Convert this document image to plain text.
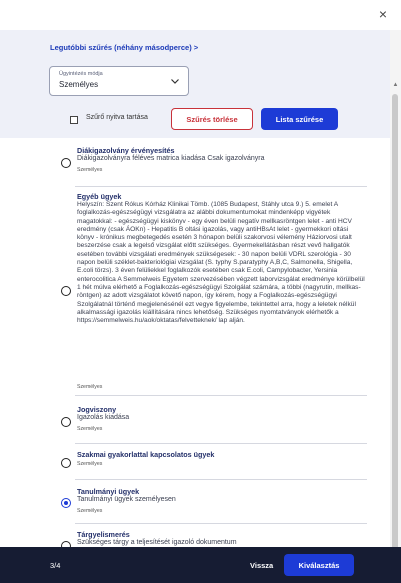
×
Legutóbbi szűrés (néhány másodperce) >
Ügyintézés módja
Személyes
Szűrő nyitva tartása	Szűrés törlése	Lista szűrése
Diákigazolvány érvényesítés
Diákigazolványra féléves matrica kiadása Csak igazolványra
Személyes
Egyéb ügyek
Helyszín: Szent Rókus Kórház Klinikai Tömb. (1085 Budapest, Stáhly utca 9.) 5. emelet A foglalkozás-egészségügyi vizsgálatra az alábbi dokumentumokat mindenképp vigyétek magatokkal: - egészségügyi kiskönyv - egy éven belüli negatív mellkasröntgen lelet - anti HCV eredmény (csak ÁOKn) - Hepatitis B oltási igazolás, vagy antiHBsAt lelet - gyermekkori oltási könyv - krónikus megbetegedés esetén 3 hónapon belüli szakorvosi vélemény Háziorvosi utalt beszerzése csak a legelső vizsgálat előtt szükséges. Gyermekellátásban részt vevő hallgatók esetében további vizsgálati eredmények szükségesek: - 30 napon belüli VDRL szerológia - 30 napon belüli széklet-bakteriológiai vizsgálat (S. typhy S.paratyphy A,B,C, Salmonella, Shigella, E.coli törzs). 3 éven felüliekkel foglalkozók esetében csak E.coli, Campylobacter, Yersinia enterocolitica A Semmelweis Egyetem szervezésében végzett laborvizsgálat eredménye körülbelül 1 hét múlva elérhető a Foglalkozás-egészségügyi Szolgálat számára, a többi (nagyrutin, mellkas-röntgen) az adott vizsgálatot követő napon, így kérem, hogy a Foglalkozás-egészségügyi Szolgálatnál történő megjelenésénél ezt vegye figyelembe, tekintettel arra, hogy a leletek nélkül alkalmassági igazolás kiállítására nincs lehetőség. Szükséges nyomtatványok elérhetők a https://semmelweis.hu/aok/oktatas/felvetteknek/ lap alján.
Személyes
Jogviszony
Igazolás kiadása
Személyes
Szakmai gyakorlattal kapcsolatos ügyek
Személyes
Tanulmányi ügyek
Tanulmányi ügyek személyesen
Személyes
Tárgyelismerés
Szükséges tárgy a teljesítését igazoló dokumentum
▲
3/4	Vissza	Kiválasztás
